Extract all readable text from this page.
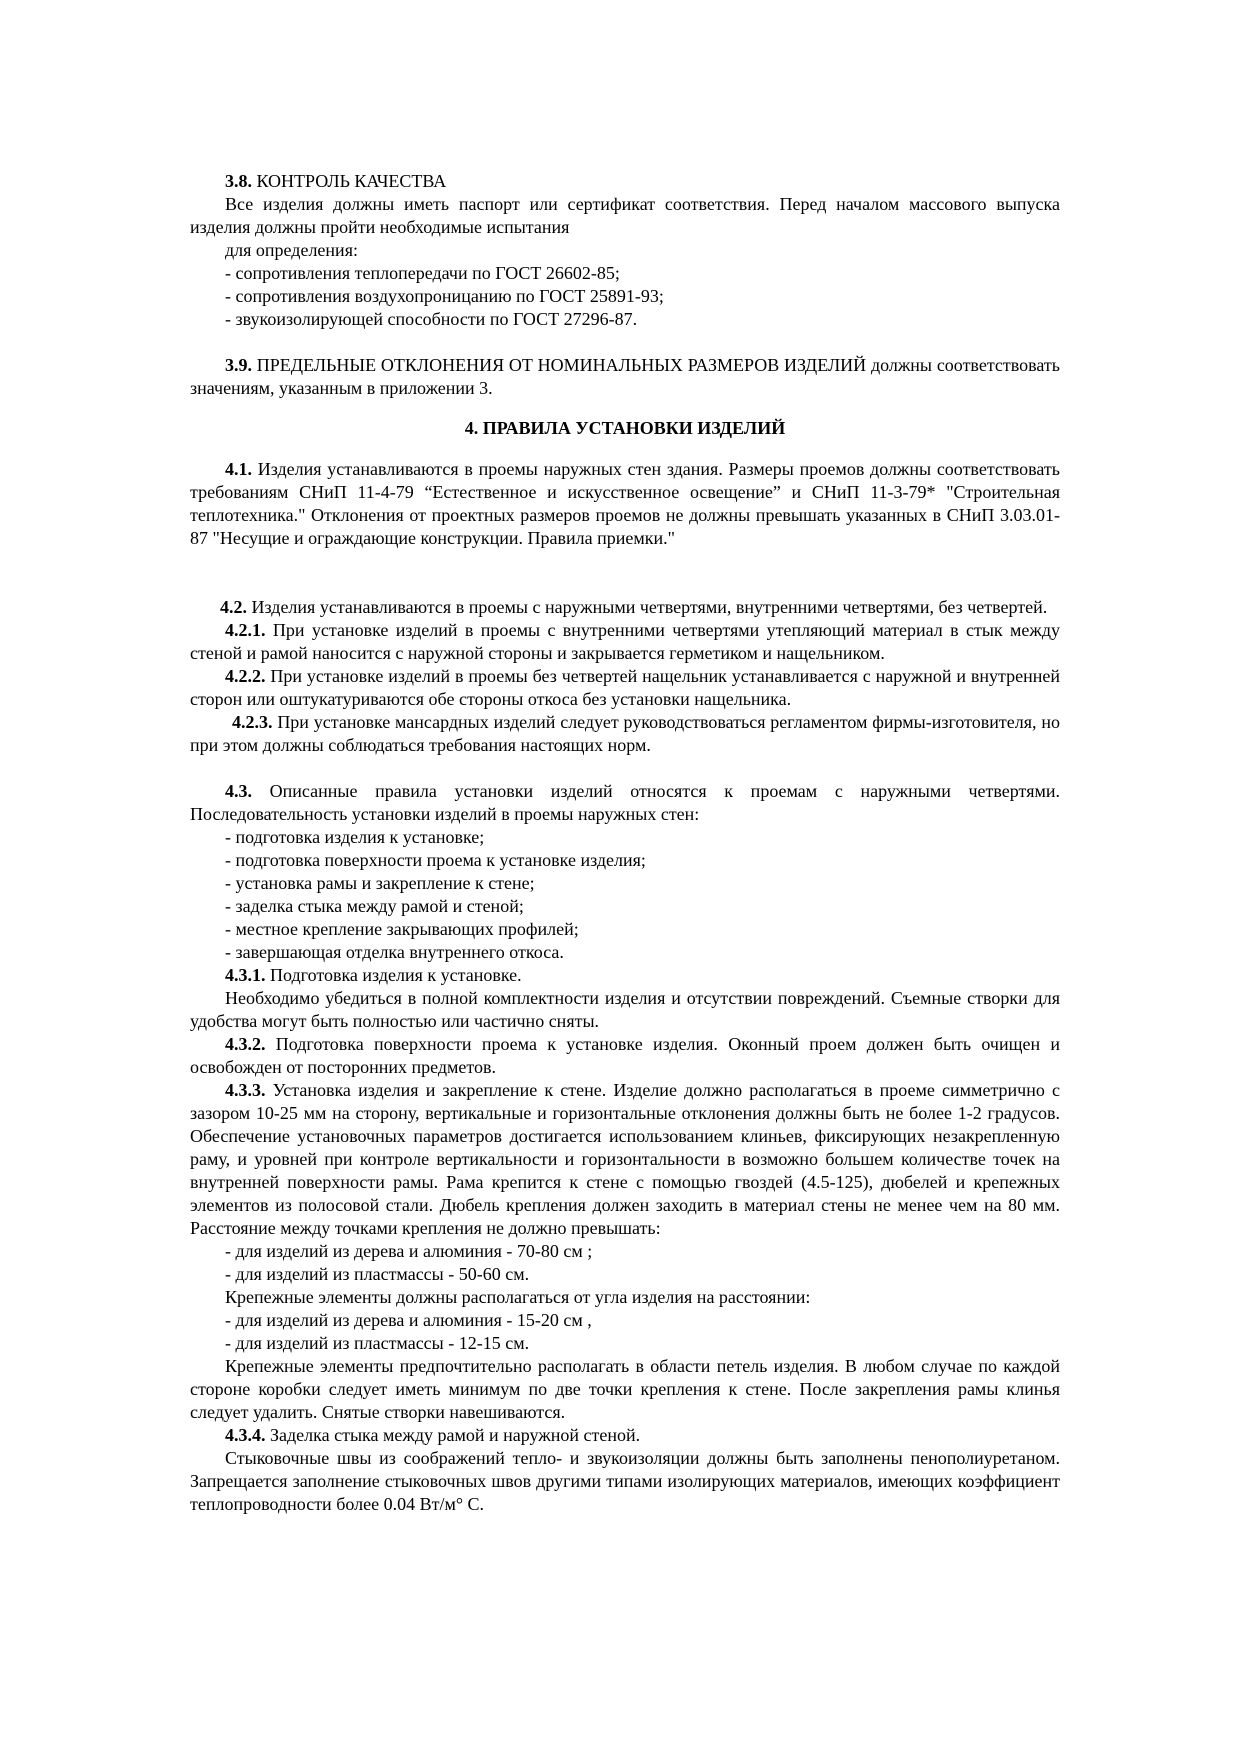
3.8. КОНТРОЛЬ КАЧЕСТВА

Все изделия должны иметь паспорт или сертификат соответствия. Перед началом массового выпуска изделия должны пройти необходимые испытания

для определения:

- сопротивления теплопередачи по ГОСТ 26602-85;

- сопротивления воздухопроницанию по ГОСТ 25891-93;

- звукоизолирующей способности по ГОСТ 27296-87.

3.9. ПРЕДЕЛЬНЫЕ ОТКЛОНЕНИЯ ОТ НОМИНАЛЬНЫХ РАЗМЕРОВ ИЗДЕЛИЙ должны соответствовать значениям, указанным в приложении 3.

4. ПРАВИЛА УСТАНОВКИ ИЗДЕЛИЙ

4.1. Изделия устанавливаются в проемы наружных стен здания. Размеры проемов должны соответствовать требованиям СНиП 11-4-79 “Естественное и искусственное освещение” и СНиП 11-3-79* "Строительная теплотехника." Отклонения от проектных размеров проемов не должны превышать указанных в СНиП 3.03.01-87 "Несущие и ограждающие конструкции. Правила приемки."

4.2. Изделия устанавливаются в проемы с наружными четвертями, внутренними четвертями, без четвертей.

4.2.1. При установке изделий в проемы с внутренними четвертями утепляющий материал в стык между стеной и рамой наносится с наружной стороны и закрывается герметиком и нащельником.

4.2.2. При установке изделий в проемы без четвертей нащельник устанавливается с наружной и внутренней сторон или оштукатуриваются обе стороны откоса без установки нащельника.

4.2.3. При установке мансардных изделий следует руководствоваться регламентом фирмы-изготовителя, но при этом должны соблюдаться требования настоящих норм.

4.3. Описанные правила установки изделий относятся к проемам с наружными четвертями. Последовательность установки изделий в проемы наружных стен:

- подготовка изделия к установке;

- подготовка поверхности проема к установке изделия;

- установка рамы и закрепление к стене;

- заделка стыка между рамой и стеной;

- местное крепление закрывающих профилей;

- завершающая отделка внутреннего откоса.

4.3.1. Подготовка изделия к установке.

Необходимо убедиться в полной комплектности изделия и отсутствии повреждений. Съемные створки для удобства могут быть полностью или частично сняты.

4.3.2. Подготовка поверхности проема к установке изделия. Оконный проем должен быть очищен и освобожден от посторонних предметов.

4.3.3. Установка изделия и закрепление к стене. Изделие должно располагаться в проеме симметрично с зазором 10-25 мм на сторону, вертикальные и горизонтальные отклонения должны быть не более 1-2 градусов. Обеспечение установочных параметров достигается использованием клиньев, фиксирующих незакрепленную раму, и уровней при контроле вертикальности и горизонтальности в возможно большем количестве точек на внутренней поверхности рамы. Рама крепится к стене с помощью гвоздей (4.5-125), дюбелей и крепежных элементов из полосовой стали. Дюбель крепления должен заходить в материал стены не менее чем на 80 мм. Расстояние между точками крепления не должно превышать:

- для изделий из дерева и алюминия - 70-80 см ;

- для изделий из пластмассы - 50-60 см.

Крепежные элементы должны располагаться от угла изделия на расстоянии:

- для изделий из дерева и алюминия - 15-20 см ,

- для изделий из пластмассы - 12-15 см.

Крепежные элементы предпочтительно располагать в области петель изделия. В любом случае по каждой стороне коробки следует иметь минимум по две точки крепления к стене. После закрепления рамы клинья следует удалить. Снятые створки навешиваются.

4.3.4. Заделка стыка между рамой и наружной стеной.

Стыковочные швы из соображений тепло- и звукоизоляции должны быть заполнены пенополиуретаном. Запрещается заполнение стыковочных швов другими типами изолирующих материалов, имеющих коэффициент теплопроводности более 0.04 Вт/м° С.
